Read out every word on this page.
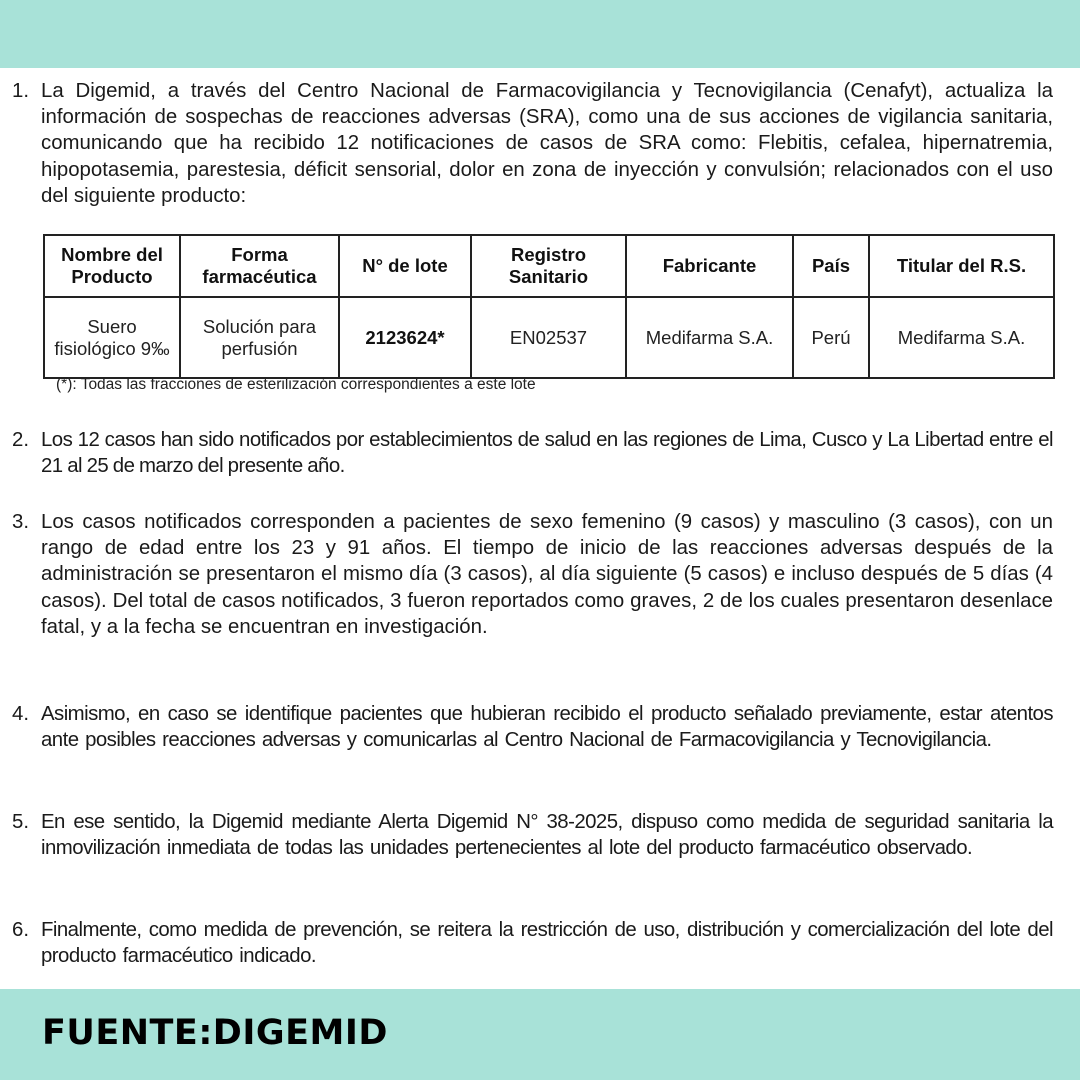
1. La Digemid, a través del Centro Nacional de Farmacovigilancia y Tecnovigilancia (Cenafyt), actualiza la información de sospechas de reacciones adversas (SRA), como una de sus acciones de vigilancia sanitaria, comunicando que ha recibido 12 notificaciones de casos de SRA como: Flebitis, cefalea, hipernatremia, hipopotasemia, parestesia, déficit sensorial, dolor en zona de inyección y convulsión; relacionados con el uso del siguiente producto:
Nombre del Producto	Forma farmacéutica	N° de lote	Registro Sanitario	Fabricante	País	Titular del R.S.
Suero fisiológico 9‰	Solución para perfusión	2123624*	EN02537	Medifarma S.A.	Perú	Medifarma S.A.
(*): Todas las fracciones de esterilización correspondientes a este lote
2. Los 12 casos han sido notificados por establecimientos de salud en las regiones de Lima, Cusco y La Libertad entre el 21 al 25 de marzo del presente año.
3. Los casos notificados corresponden a pacientes de sexo femenino (9 casos) y masculino (3 casos), con un rango de edad entre los 23 y 91 años. El tiempo de inicio de las reacciones adversas después de la administración se presentaron el mismo día (3 casos), al día siguiente (5 casos) e incluso después de 5 días (4 casos). Del total de casos notificados, 3 fueron reportados como graves, 2 de los cuales presentaron desenlace fatal, y a la fecha se encuentran en investigación.
4. Asimismo, en caso se identifique pacientes que hubieran recibido el producto señalado previamente, estar atentos ante posibles reacciones adversas y comunicarlas al Centro Nacional de Farmacovigilancia y Tecnovigilancia.
5. En ese sentido, la Digemid mediante Alerta Digemid N° 38-2025, dispuso como medida de seguridad sanitaria la inmovilización inmediata de todas las unidades pertenecientes al lote del producto farmacéutico observado.
6. Finalmente, como medida de prevención, se reitera la restricción de uso, distribución y comercialización del lote del producto farmacéutico indicado.
FUENTE:DIGEMID
